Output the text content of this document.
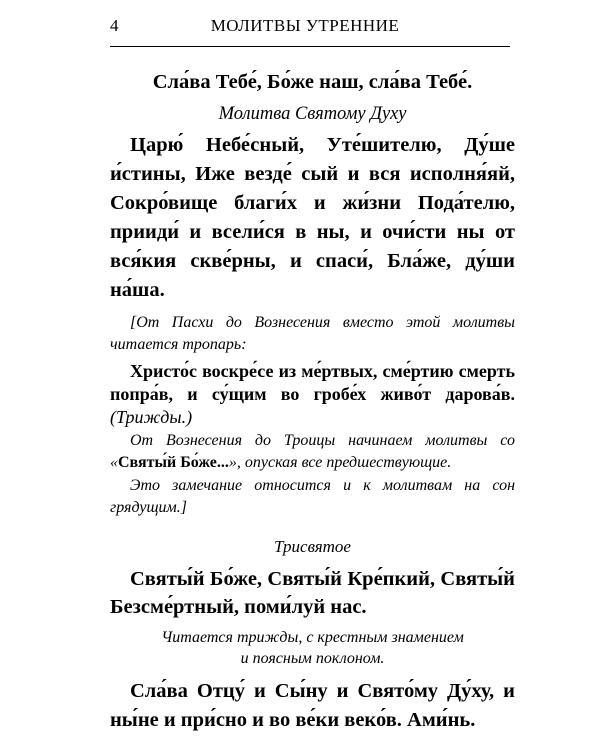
4	МОЛИТВЫ УТРЕННИЕ
Сла́ва Тебе́, Бо́же наш, сла́ва Тебе́.
Молитва Святому Духу
Царю́ Небе́сный, Уте́шителю, Ду́ше и́стины, Иже везде́ сый и вся исполня́яй, Сокро́вище благи́х и жи́зни Пода́телю, прииди́ и всели́ся в ны, и очи́сти ны от вся́кия скве́рны, и спаси́, Бла́же, ду́ши на́ша.
[От Пасхи до Вознесения вместо этой молитвы читается тропарь:
Христо́с воскре́се из ме́ртвых, сме́ртию смерть попра́в, и су́щим во гробе́х живо́т дарова́в. (Трижды.)
От Вознесения до Троицы начинаем молитвы со «Святы́й Бо́же...», опуская все предшествующие.
Это замечание относится и к молитвам на сон грядущим.]
Трисвятое
Святы́й Бо́же, Святы́й Кре́пкий, Святы́й Безсме́ртный, поми́луй нас.
Читается трижды, с крестным знамением
и поясным поклоном.
Сла́ва Отцу́ и Сы́ну и Свято́му Ду́ху, и ны́не и при́сно и во ве́ки веко́в. Ами́нь.
